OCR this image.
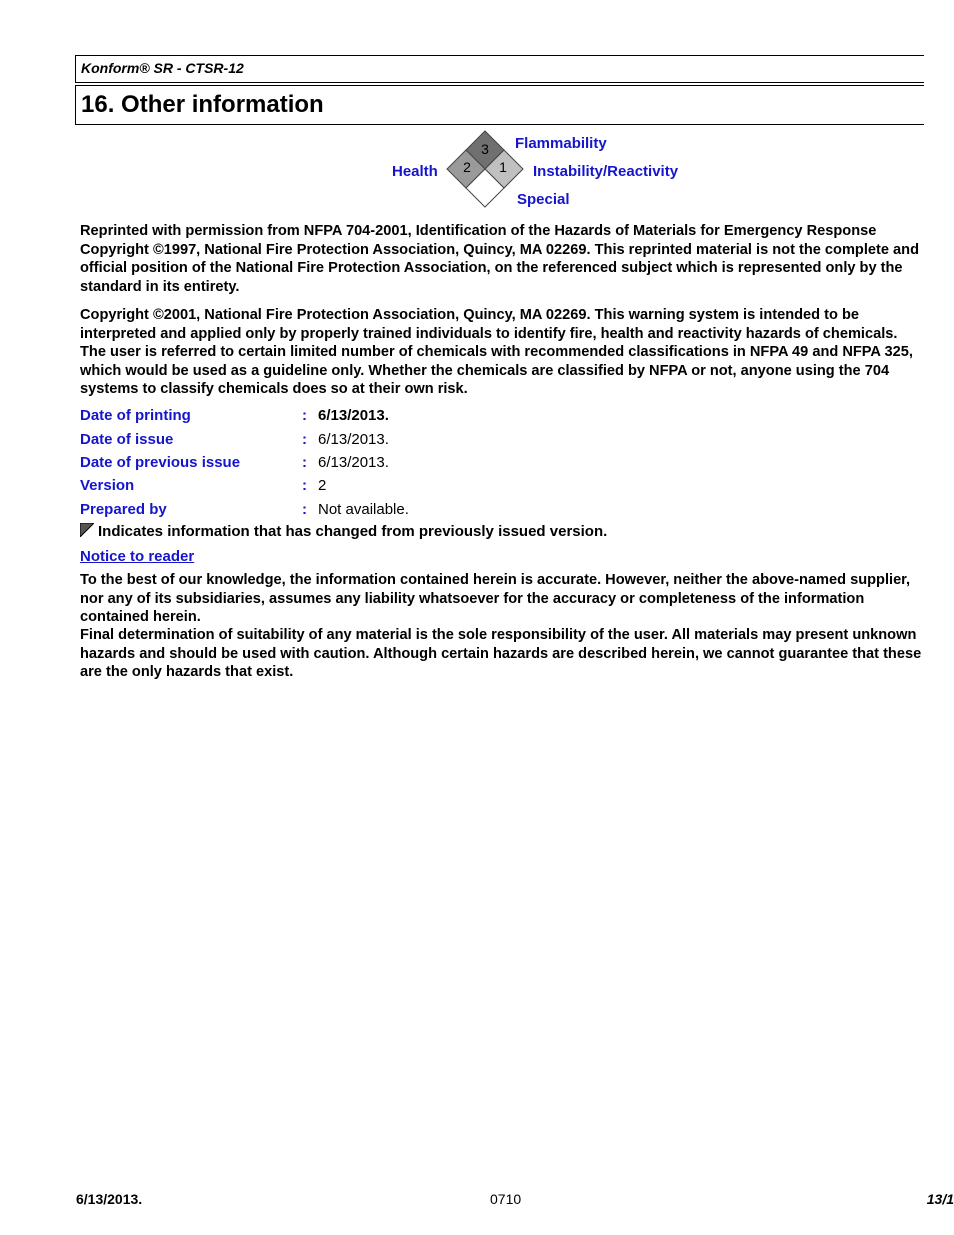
Konform® SR - CTSR-12
16. Other information
3
2 1
Flammability
Health	Instability/Reactivity
Special

Reprinted with permission from NFPA 704-2001, Identification of the Hazards of Materials for Emergency Response Copyright ©1997, National Fire Protection Association, Quincy, MA 02269. This reprinted material is not the complete and official position of the National Fire Protection Association, on the referenced subject which is represented only by the standard in its entirety.

Copyright ©2001, National Fire Protection Association, Quincy, MA 02269. This warning system is intended to be interpreted and applied only by properly trained individuals to identify fire, health and reactivity hazards of chemicals. The user is referred to certain limited number of chemicals with recommended classifications in NFPA 49 and NFPA 325, which would be used as a guideline only. Whether the chemicals are classified by NFPA or not, anyone using the 704 systems to classify chemicals does so at their own risk.

Date of printing	: 6/13/2013.
Date of issue	: 6/13/2013.
Date of previous issue	: 6/13/2013.
Version	: 2
Prepared by	: Not available.
Indicates information that has changed from previously issued version.
Notice to reader

To the best of our knowledge, the information contained herein is accurate. However, neither the above-named supplier, nor any of its subsidiaries, assumes any liability whatsoever for the accuracy or completeness of the information contained herein.

Final determination of suitability of any material is the sole responsibility of the user. All materials may present unknown hazards and should be used with caution. Although certain hazards are described herein, we cannot guarantee that these are the only hazards that exist.

6/13/2013.	0710	13/1
